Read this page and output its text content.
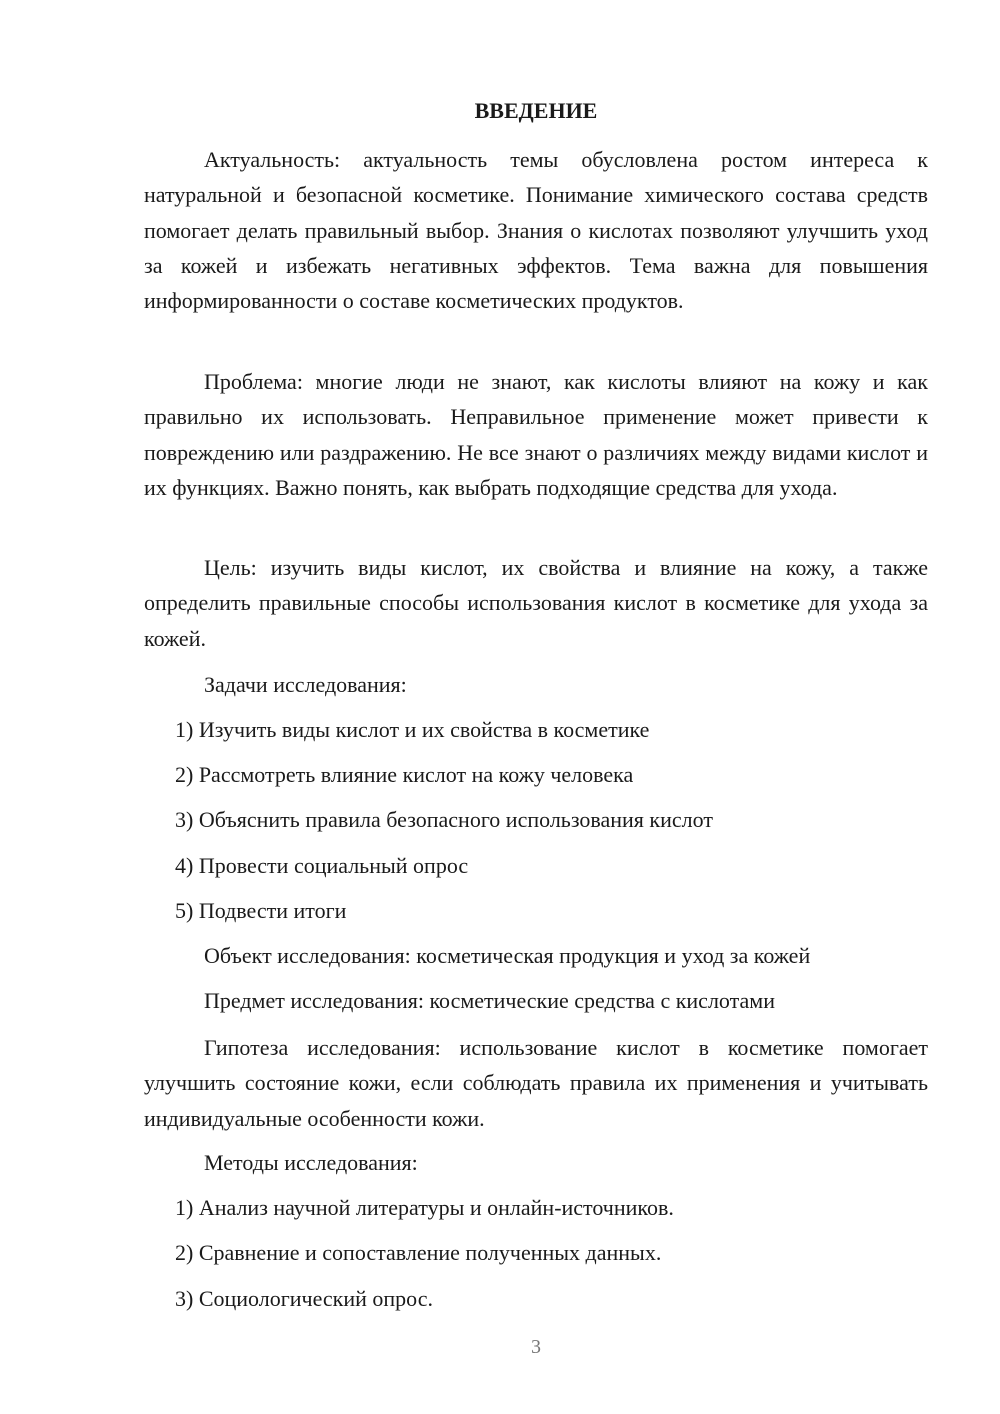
ВВЕДЕНИЕ

Актуальность: актуальность темы обусловлена ростом интереса к натуральной и безопасной косметике. Понимание химического состава средств помогает делать правильный выбор. Знания о кислотах позволяют улучшить уход за кожей и избежать негативных эффектов. Тема важна для повышения информированности о составе косметических продуктов.

Проблема: многие люди не знают, как кислоты влияют на кожу и как правильно их использовать. Неправильное применение может привести к повреждению или раздражению. Не все знают о различиях между видами кислот и их функциях. Важно понять, как выбрать подходящие средства для ухода.

Цель: изучить виды кислот, их свойства и влияние на кожу, а также определить правильные способы использования кислот в косметике для ухода за кожей.

Задачи исследования:

1) Изучить виды кислот и их свойства в косметике

2) Рассмотреть влияние кислот на кожу человека

3) Объяснить правила безопасного использования кислот

4) Провести социальный опрос

5) Подвести итоги

Объект исследования: косметическая продукция и уход за кожей

Предмет исследования: косметические средства с кислотами

Гипотеза исследования: использование кислот в косметике помогает улучшить состояние кожи, если соблюдать правила их применения и учитывать индивидуальные особенности кожи.

Методы исследования:

1) Анализ научной литературы и онлайн-источников.

2) Сравнение и сопоставление полученных данных.

3) Социологический опрос.

3
